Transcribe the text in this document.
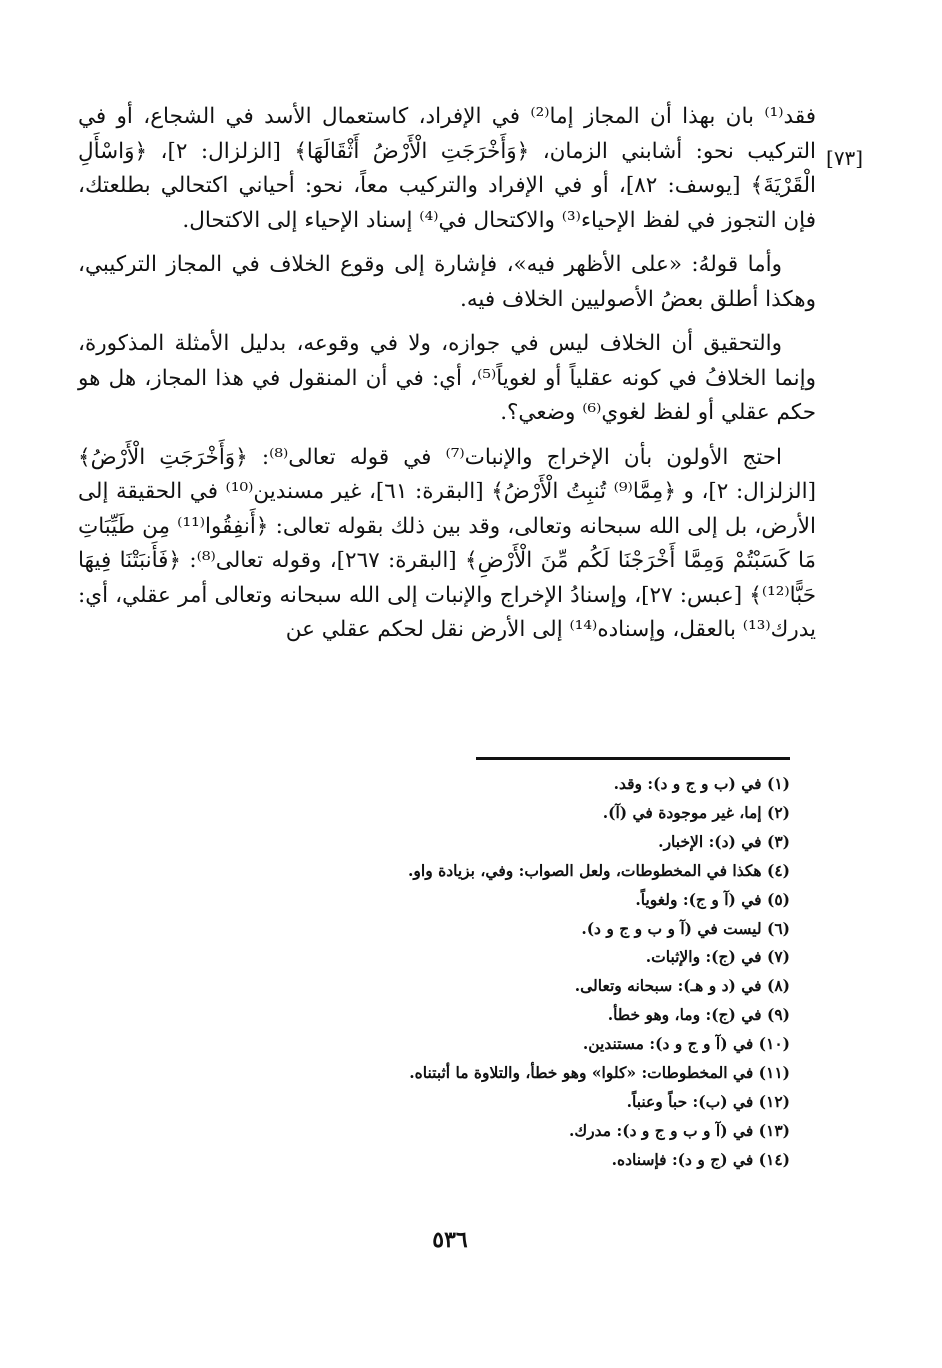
[٧٣]

فقد⁽¹⁾ بان بهذا أن المجاز إما⁽²⁾ في الإفراد، كاستعمال الأسد في الشجاع، أو في التركيب نحو: أشابني الزمان، ﴿وَأَخْرَجَتِ الْأَرْضُ أَثْقَالَهَا﴾ [الزلزال: ٢]، ﴿وَاسْأَلِ الْقَرْيَةَ﴾ [يوسف: ٨٢]، أو في الإفراد والتركيب معاً، نحو: أحياني اكتحالي بطلعتك، فإن التجوز في لفظ الإحياء⁽³⁾ والاكتحال في⁽⁴⁾ إسناد الإحياء إلى الاكتحال.

وأما قولهُ: «على الأظهر فيه»، فإشارة إلى وقوع الخلاف في المجاز التركيبي، وهكذا أطلق بعضُ الأصوليين الخلاف فيه.

والتحقيق أن الخلاف ليس في جوازه، ولا في وقوعه، بدليل الأمثلة المذكورة، وإنما الخلافُ في كونه عقلياً أو لغوياً⁽⁵⁾، أي: في أن المنقول في هذا المجاز، هل هو حكم عقلي أو لفظ لغوي⁽⁶⁾ وضعي؟.

احتج الأولون بأن الإخراج والإنبات⁽⁷⁾ في قوله تعالى⁽⁸⁾: ﴿وَأَخْرَجَتِ الْأَرْضُ﴾ [الزلزال: ٢]، و ﴿مِمَّا⁽⁹⁾ تُنبِتُ الْأَرْضُ﴾ [البقرة: ٦١]، غير مسندين⁽¹⁰⁾ في الحقيقة إلى الأرض، بل إلى الله سبحانه وتعالى، وقد بين ذلك بقوله تعالى: ﴿أَنفِقُوا⁽¹¹⁾ مِن طَيِّبَاتِ مَا كَسَبْتُمْ وَمِمَّا أَخْرَجْنَا لَكُم مِّنَ الْأَرْضِ﴾ [البقرة: ٢٦٧]، وقوله تعالى⁽⁸⁾: ﴿فَأَنبَتْنَا فِيهَا حَبًّا⁽¹²⁾﴾ [عبس: ٢٧]، وإسنادُ الإخراج والإنبات إلى الله سبحانه وتعالى أمر عقلي، أي: يدرك⁽¹³⁾ بالعقل، وإسناده⁽¹⁴⁾ إلى الأرض نقل لحكم عقلي عن

(١) في (ب و ج و د): وقد.
(٢) إما، غير موجودة في (آ).
(٣) في (د): الإخبار.
(٤) هكذا في المخطوطات، ولعل الصواب: وفي، بزيادة واو.
(٥) في (آ و ج): ولغوياً.
(٦) ليست في (آ و ب و ج و د).
(٧) في (ج): والإثبات.
(٨) في (د و هـ): سبحانه وتعالى.
(٩) في (ج): وما، وهو خطأ.
(١٠) في (آ و ج و د): مستندين.
(١١) في المخطوطات: «كلوا» وهو خطأ، والتلاوة ما أثبتناه.
(١٢) في (ب): حباً وعنباً.
(١٣) في (آ و ب و ج و د): مدرك.
(١٤) في (ج و د): فإسناده.
٥٣٦
